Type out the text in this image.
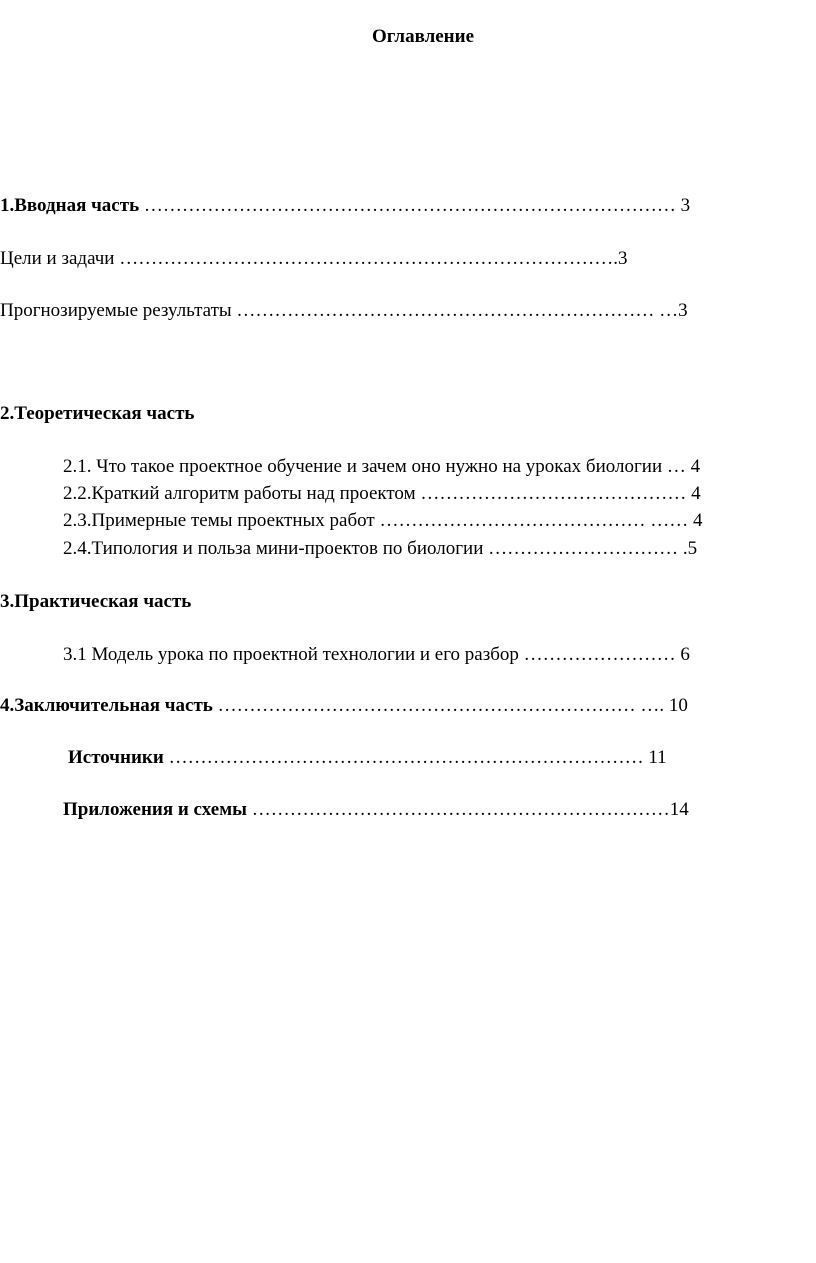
Оглавление
1.Вводная часть ………………………………………………………………………… 3
Цели и задачи …………………………………………………………………….3
Прогнозируемые результаты ………………………………………………………… …3
2.Теоретическая часть
2.1. Что такое проектное обучение и зачем оно нужно на уроках биологии … 4
2.2.Краткий алгоритм работы над проектом …………………………………… 4
2.3.Примерные темы проектных работ …………………………………… …… 4
2.4.Типология и польза мини-проектов по биологии ………………………… .5
3.Практическая часть
3.1 Модель урока по проектной технологии и его разбор …………………… 6
4.Заключительная часть ………………………………………………………… …. 10
Источники ………………………………………………………………… 11
Приложения и схемы …………………………………………………………14
